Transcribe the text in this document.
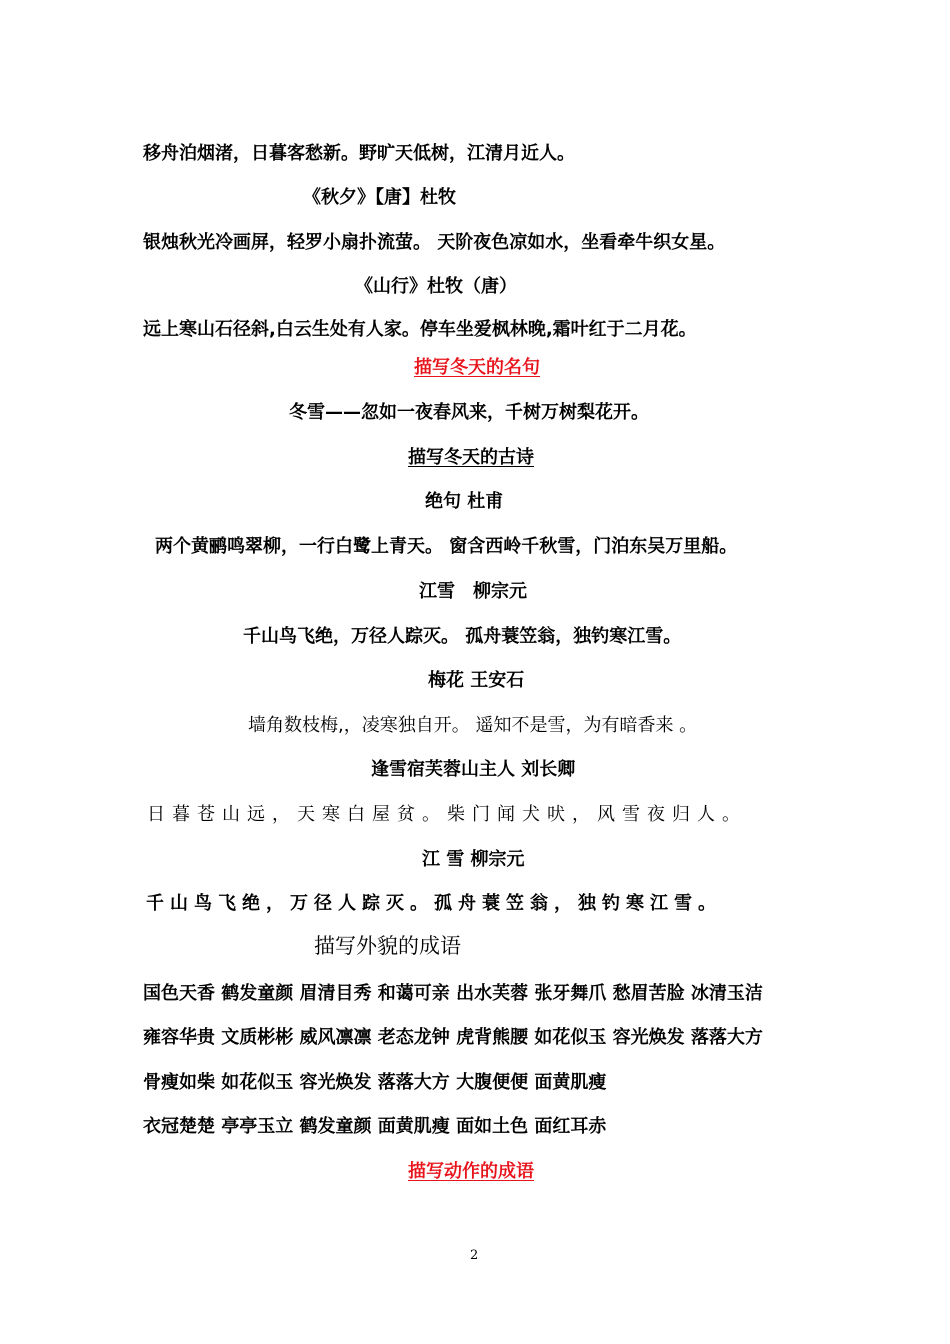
移舟泊烟渚，日暮客愁新。野旷天低树，江清月近人。
《秋夕》【唐】杜牧
银烛秋光冷画屏，轻罗小扇扑流萤。 天阶夜色凉如水，坐看牵牛织女星。
《山行》杜牧（唐）
远上寒山石径斜,白云生处有人家。停车坐爱枫林晚,霜叶红于二月花。
描写冬天的名句
冬雪——忽如一夜春风来，千树万树梨花开。
描写冬天的古诗
绝句 杜甫
两个黄鹂鸣翠柳，一行白鹭上青天。 窗含西岭千秋雪，门泊东吴万里船。
江雪　柳宗元
千山鸟飞绝，万径人踪灭。 孤舟蓑笠翁，独钓寒江雪。
梅花 王安石
墙角数枝梅,，凌寒独自开。 遥知不是雪，为有暗香来 。
逢雪宿芙蓉山主人 刘长卿
日暮苍山远，天寒白屋贫。柴门闻犬吠，风雪夜归人。
江 雪 柳宗元
千山鸟飞绝，万径人踪灭。孤舟蓑笠翁，独钓寒江雪。
描写外貌的成语
国色天香 鹤发童颜 眉清目秀 和蔼可亲 出水芙蓉 张牙舞爪 愁眉苦脸 冰清玉洁
雍容华贵 文质彬彬 威风凛凛 老态龙钟 虎背熊腰 如花似玉 容光焕发 落落大方
骨瘦如柴 如花似玉 容光焕发 落落大方 大腹便便 面黄肌瘦
衣冠楚楚 亭亭玉立 鹤发童颜 面黄肌瘦 面如土色 面红耳赤
描写动作的成语
2
